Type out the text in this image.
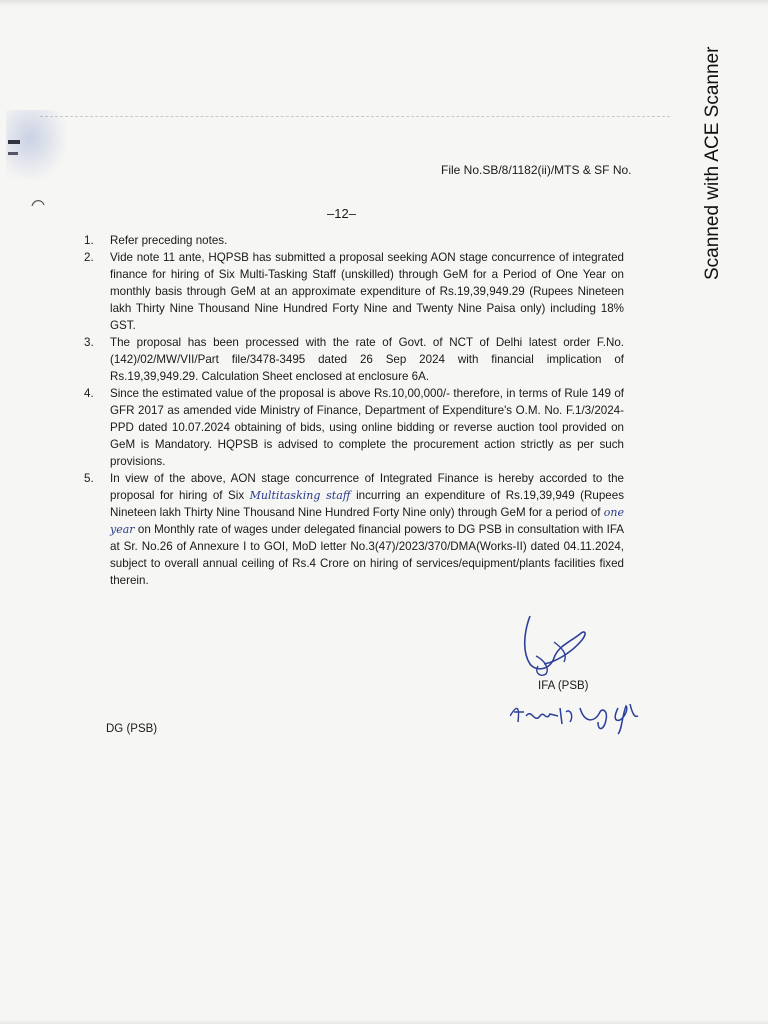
Scanned with ACE Scanner
File No.SB/8/1182(ii)/MTS & SF No.
–12–
1. Refer preceding notes.
2. Vide note 11 ante, HQPSB has submitted a proposal seeking AON stage concurrence of integrated finance for hiring of Six Multi-Tasking Staff (unskilled) through GeM for a Period of One Year on monthly basis through GeM at an approximate expenditure of Rs.19,39,949.29 (Rupees Nineteen lakh Thirty Nine Thousand Nine Hundred Forty Nine and Twenty Nine Paisa only) including 18% GST.
3. The proposal has been processed with the rate of Govt. of NCT of Delhi latest order F.No. (142)/02/MW/VII/Part file/3478-3495 dated 26 Sep 2024 with financial implication of Rs.19,39,949.29. Calculation Sheet enclosed at enclosure 6A.
4. Since the estimated value of the proposal is above Rs.10,00,000/- therefore, in terms of Rule 149 of GFR 2017 as amended vide Ministry of Finance, Department of Expenditure's O.M. No. F.1/3/2024-PPD dated 10.07.2024 obtaining of bids, using online bidding or reverse auction tool provided on GeM is Mandatory. HQPSB is advised to complete the procurement action strictly as per such provisions.
5. In view of the above, AON stage concurrence of Integrated Finance is hereby accorded to the proposal for hiring of Six Multitasking staff incurring an expenditure of Rs.19,39,949 (Rupees Nineteen lakh Thirty Nine Thousand Nine Hundred Forty Nine only) through GeM for a period of one year on Monthly rate of wages under delegated financial powers to DG PSB in consultation with IFA at Sr. No.26 of Annexure I to GOI, MoD letter No.3(47)/2023/370/DMA(Works-II) dated 04.11.2024, subject to overall annual ceiling of Rs.4 Crore on hiring of services/equipment/plants facilities fixed therein.
IFA (PSB)
DG (PSB)
